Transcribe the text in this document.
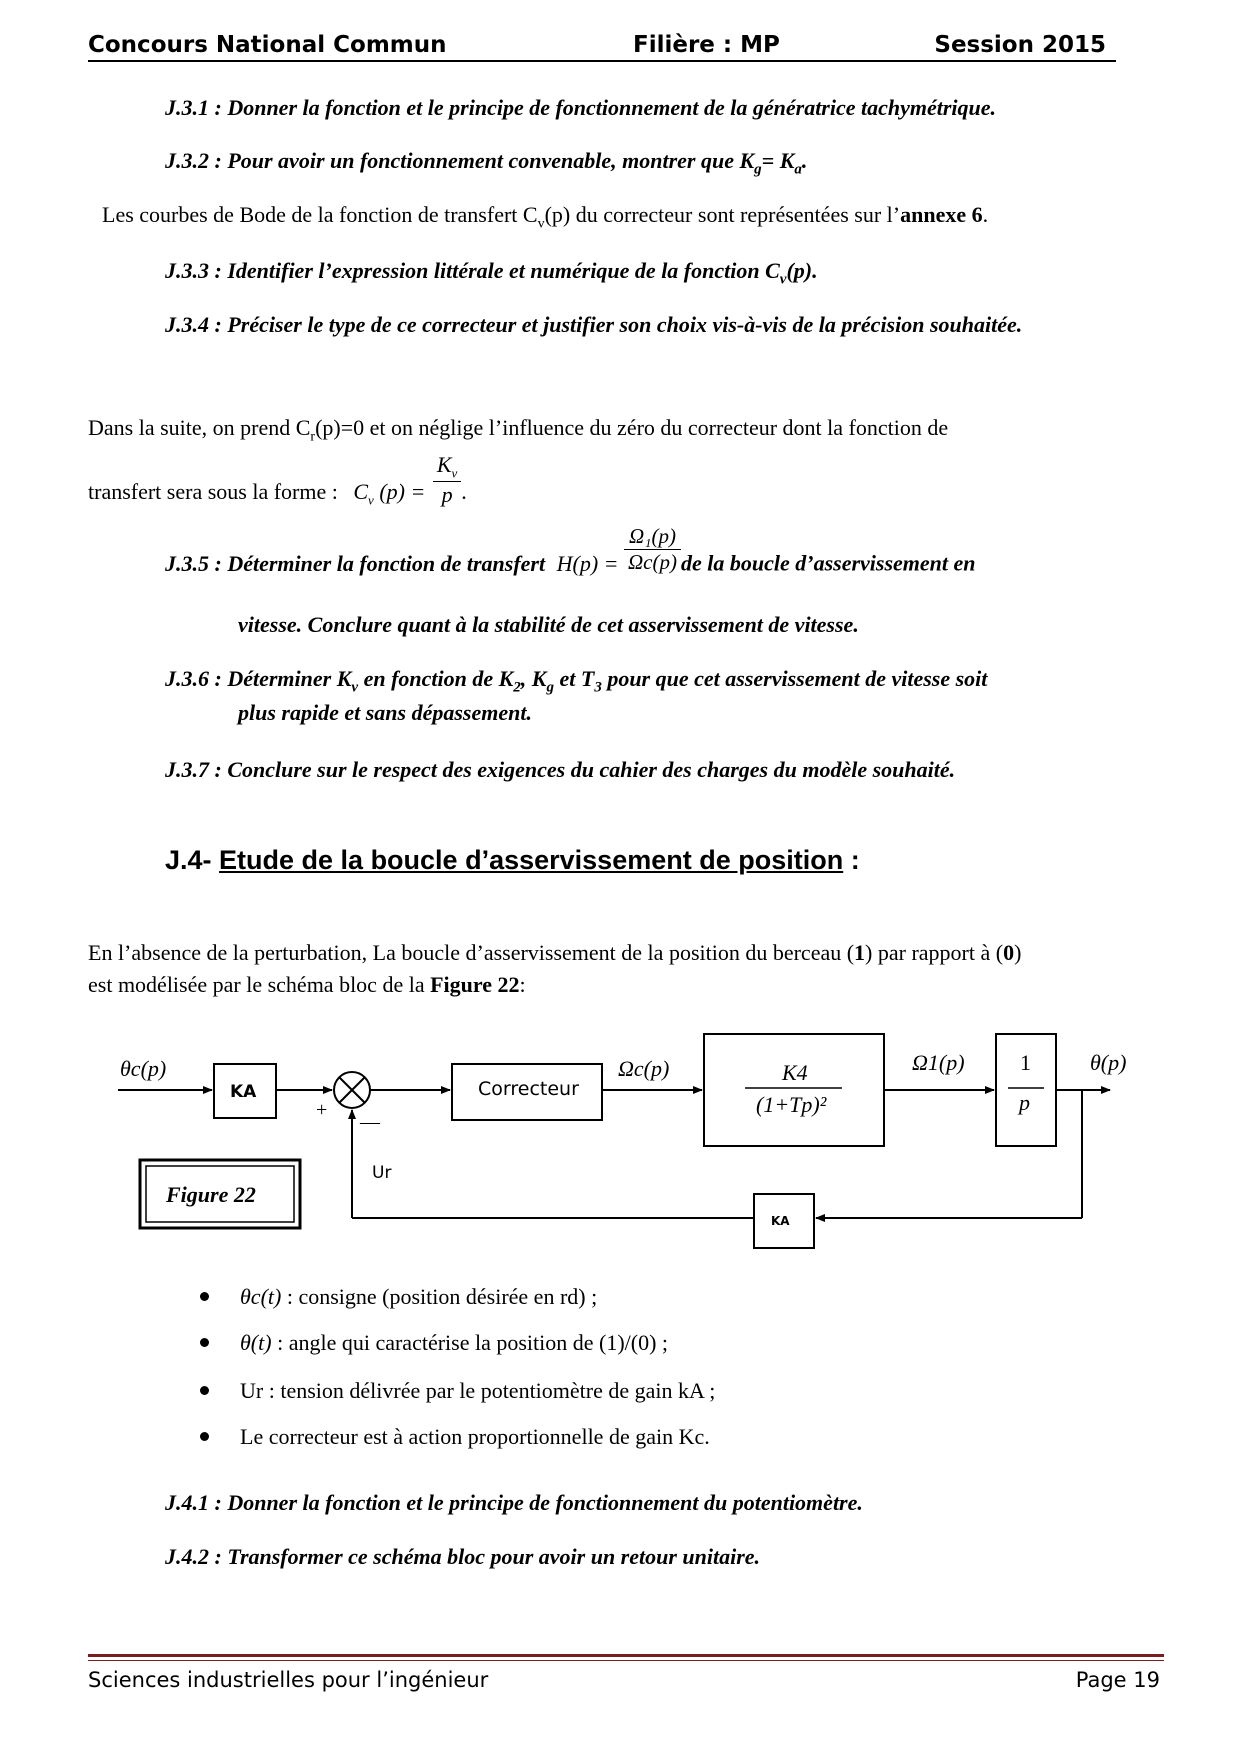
Concours National Commun	Filière : MP	Session 2015
J.3.1 : Donner la fonction et le principe de fonctionnement de la génératrice tachymétrique.
J.3.2 : Pour avoir un fonctionnement convenable, montrer que $K_g= K_a$.
Les courbes de Bode de la fonction de transfert $C_v(p)$ du correcteur sont représentées sur l’annexe 6.
J.3.3 : Identifier l’expression littérale et numérique de la fonction $C_v(p)$.
J.3.4 : Préciser le type de ce correcteur et justifier son choix vis-à-vis de la précision souhaitée.
Dans la suite, on prend $C_r(p)=0$ et on néglige l’influence du zéro du correcteur dont la fonction de
transfert sera sous la forme : $C_v$ $(p) = \frac{K_v}{p}$ .
J.3.5 : Déterminer la fonction de transfert $H(p) = \frac{\text{Ω₁(p)}}{\Omega c(p)}$ de la boucle d’asservissement en
vitesse. Conclure quant à la stabilité de cet asservissement de vitesse.
J.3.6 : Déterminer $K_v$ en fonction de $K_2$, $K_g$ et $T_3$ pour que cet asservissement de vitesse soit
plus rapide et sans dépassement.
J.3.7 : Conclure sur le respect des exigences du cahier des charges du modèle souhaité.
J.4- Etude de la boucle d’asservissement de position :
En l’absence de la perturbation, La boucle d’asservissement de la position du berceau (1) par rapport à (0)
est modélisée par le schéma bloc de la Figure 22:
θc(p)
KA
+
—
Correcteur
Ωc(p)	K4
(1+Tp)²
Ω1(p)	1
p
θ(p)
Ur
KA
Figure 22
θc(t) : consigne (position désirée en rd) ;
θ(t) : angle qui caractérise la position de (1)/(0) ;
Ur : tension délivrée par le potentiomètre de gain kA ;
Le correcteur est à action proportionnelle de gain Kc.
J.4.1 : Donner la fonction et le principe de fonctionnement du potentiomètre.
J.4.2 : Transformer ce schéma bloc pour avoir un retour unitaire.
Sciences industrielles pour l’ingénieur	Page 19
